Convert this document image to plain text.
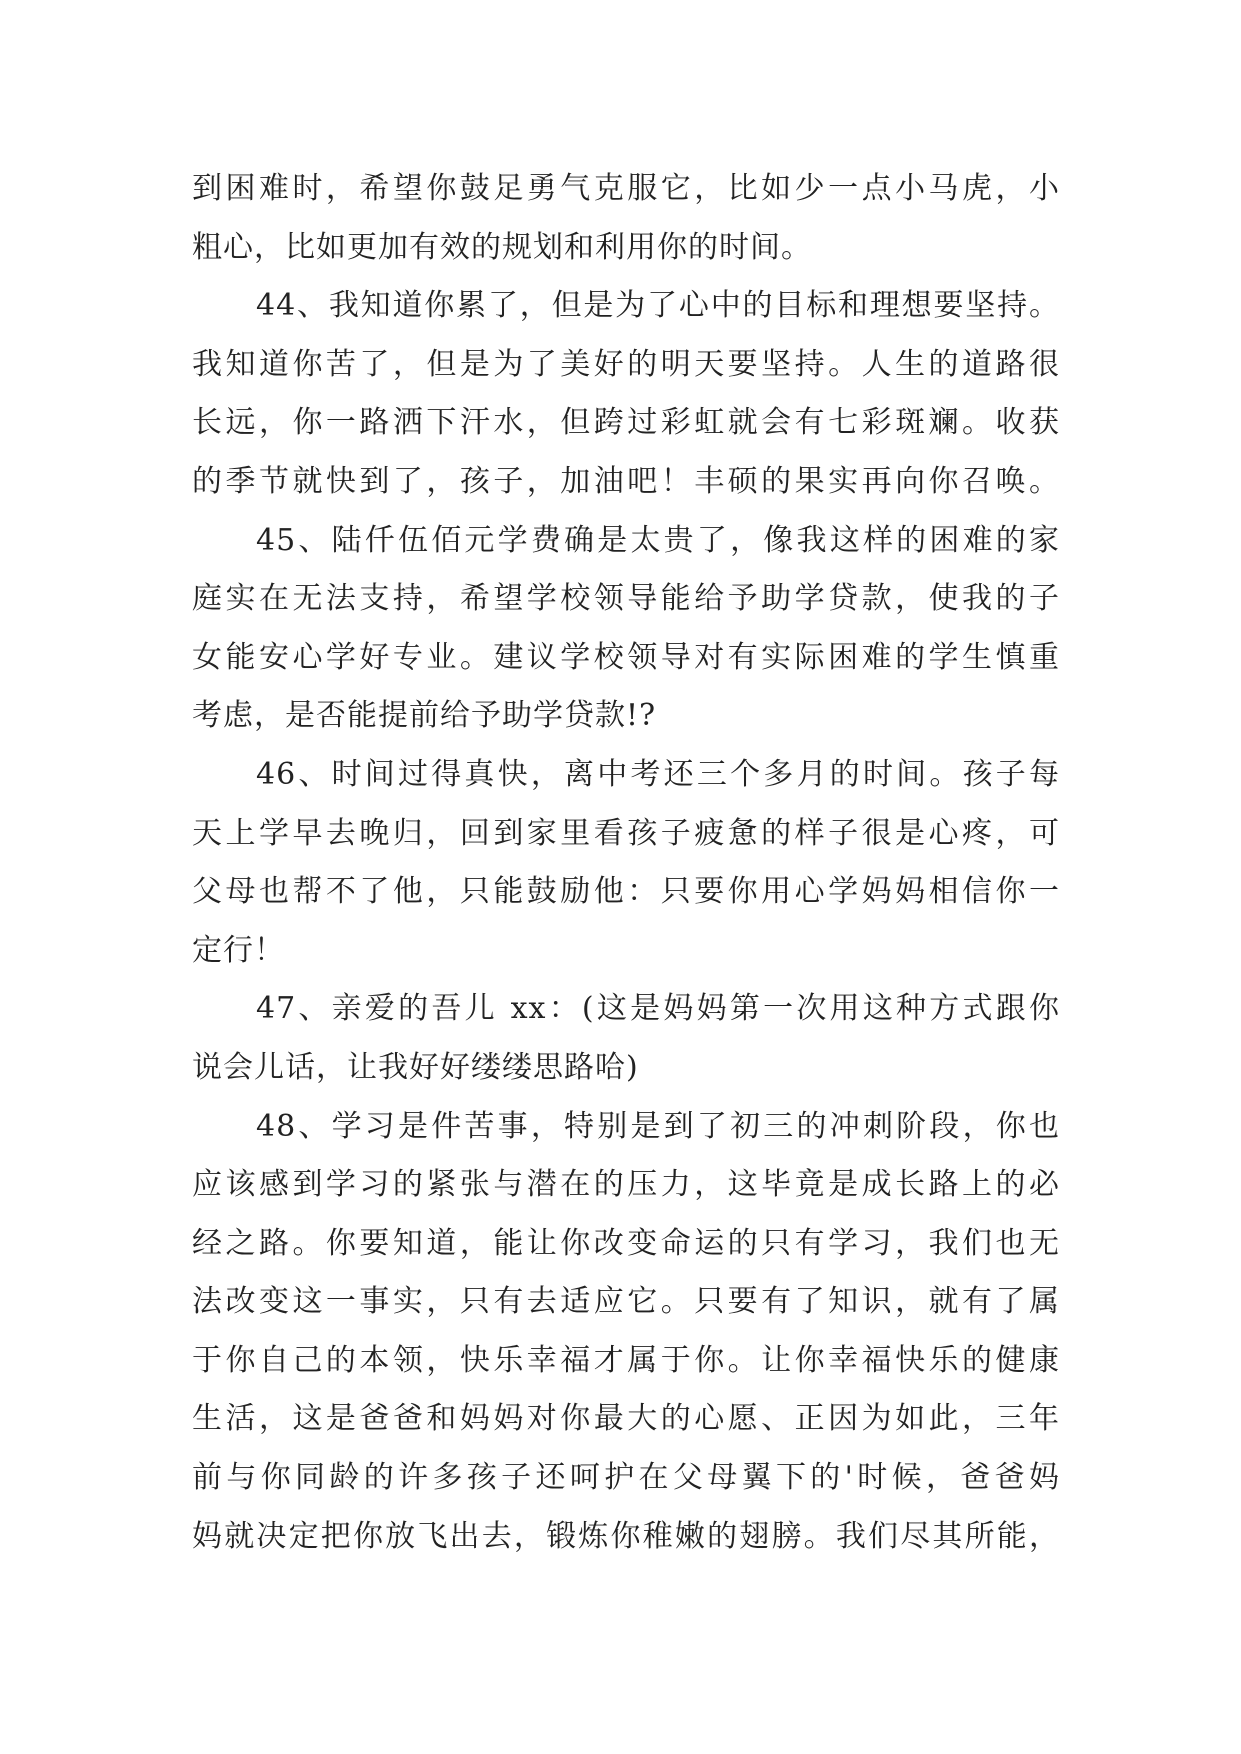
到困难时，希望你鼓足勇气克服它，比如少一点小马虎，小
粗心，比如更加有效的规划和利用你的时间。
44、我知道你累了，但是为了心中的目标和理想要坚持。
我知道你苦了，但是为了美好的明天要坚持。人生的道路很
长远，你一路洒下汗水，但跨过彩虹就会有七彩斑斓。收获
的季节就快到了，孩子，加油吧！丰硕的果实再向你召唤。
45、陆仟伍佰元学费确是太贵了，像我这样的困难的家
庭实在无法支持，希望学校领导能给予助学贷款，使我的子
女能安心学好专业。建议学校领导对有实际困难的学生慎重
考虑，是否能提前给予助学贷款!?
46、时间过得真快，离中考还三个多月的时间。孩子每
天上学早去晚归，回到家里看孩子疲惫的样子很是心疼，可
父母也帮不了他，只能鼓励他：只要你用心学妈妈相信你一
定行！
47、亲爱的吾儿 xx：(这是妈妈第一次用这种方式跟你
说会儿话，让我好好缕缕思路哈)
48、学习是件苦事，特别是到了初三的冲刺阶段，你也
应该感到学习的紧张与潜在的压力，这毕竟是成长路上的必
经之路。你要知道，能让你改变命运的只有学习，我们也无
法改变这一事实，只有去适应它。只要有了知识，就有了属
于你自己的本领，快乐幸福才属于你。让你幸福快乐的健康
生活，这是爸爸和妈妈对你最大的心愿、正因为如此，三年
前与你同龄的许多孩子还呵护在父母翼下的'时候，爸爸妈
妈就决定把你放飞出去，锻炼你稚嫩的翅膀。我们尽其所能，
